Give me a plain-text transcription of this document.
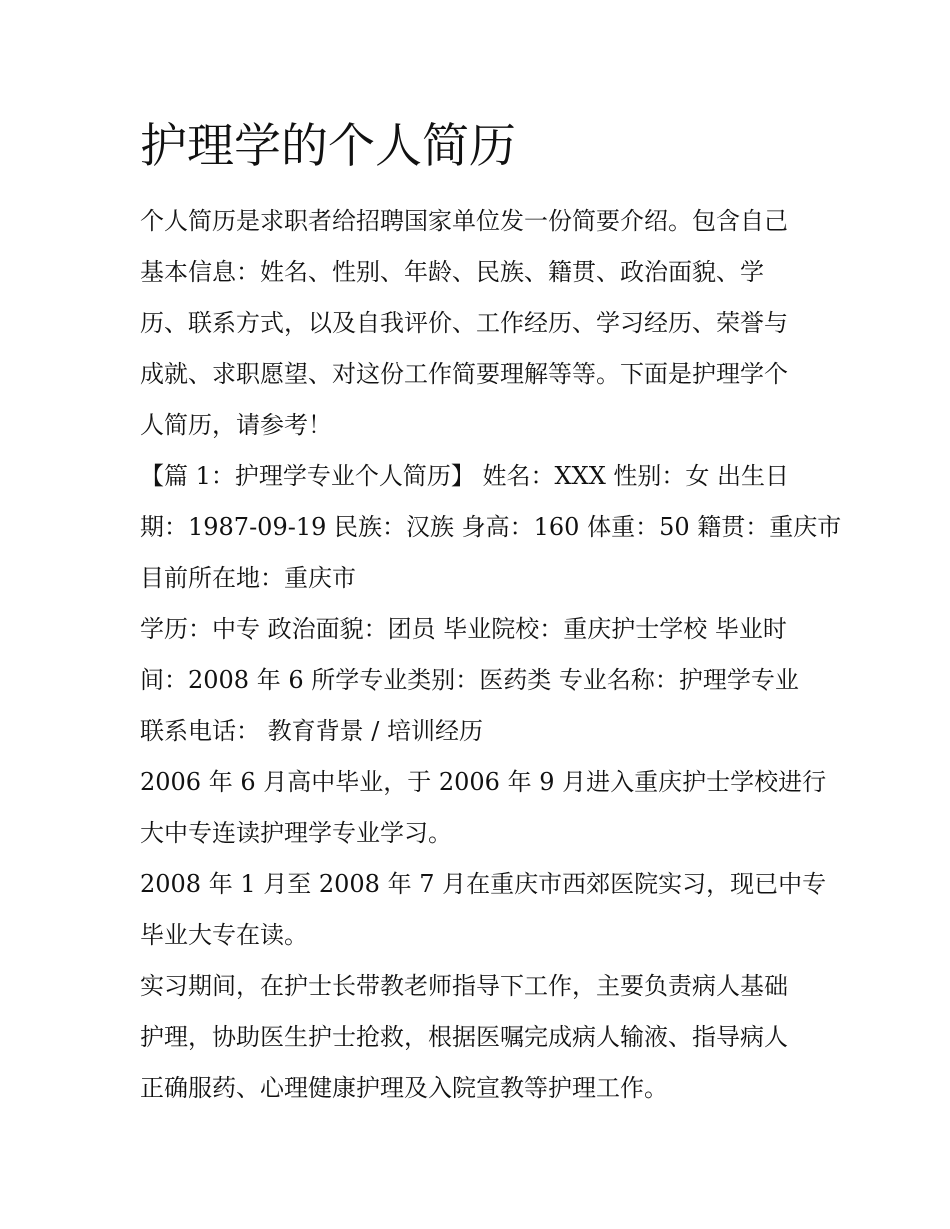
护理学的个人简历
个人简历是求职者给招聘国家单位发一份简要介绍。包含自己
基本信息：姓名、性别、年龄、民族、籍贯、政治面貌、学
历、联系方式，以及自我评价、工作经历、学习经历、荣誉与
成就、求职愿望、对这份工作简要理解等等。下面是护理学个
人简历，请参考！
【篇 1：护理学专业个人简历】 姓名：XXX 性别：女 出生日
期：1987-09-19 民族：汉族 身高：160 体重：50 籍贯：重庆市
目前所在地：重庆市
学历：中专 政治面貌：团员 毕业院校：重庆护士学校 毕业时
间：2008 年 6 所学专业类别：医药类 专业名称：护理学专业
联系电话： 教育背景 / 培训经历
2006 年 6 月高中毕业，于 2006 年 9 月进入重庆护士学校进行
大中专连读护理学专业学习。
2008 年 1 月至 2008 年 7 月在重庆市西郊医院实习，现已中专
毕业大专在读。
实习期间，在护士长带教老师指导下工作，主要负责病人基础
护理，协助医生护士抢救，根据医嘱完成病人输液、指导病人
正确服药、心理健康护理及入院宣教等护理工作。
